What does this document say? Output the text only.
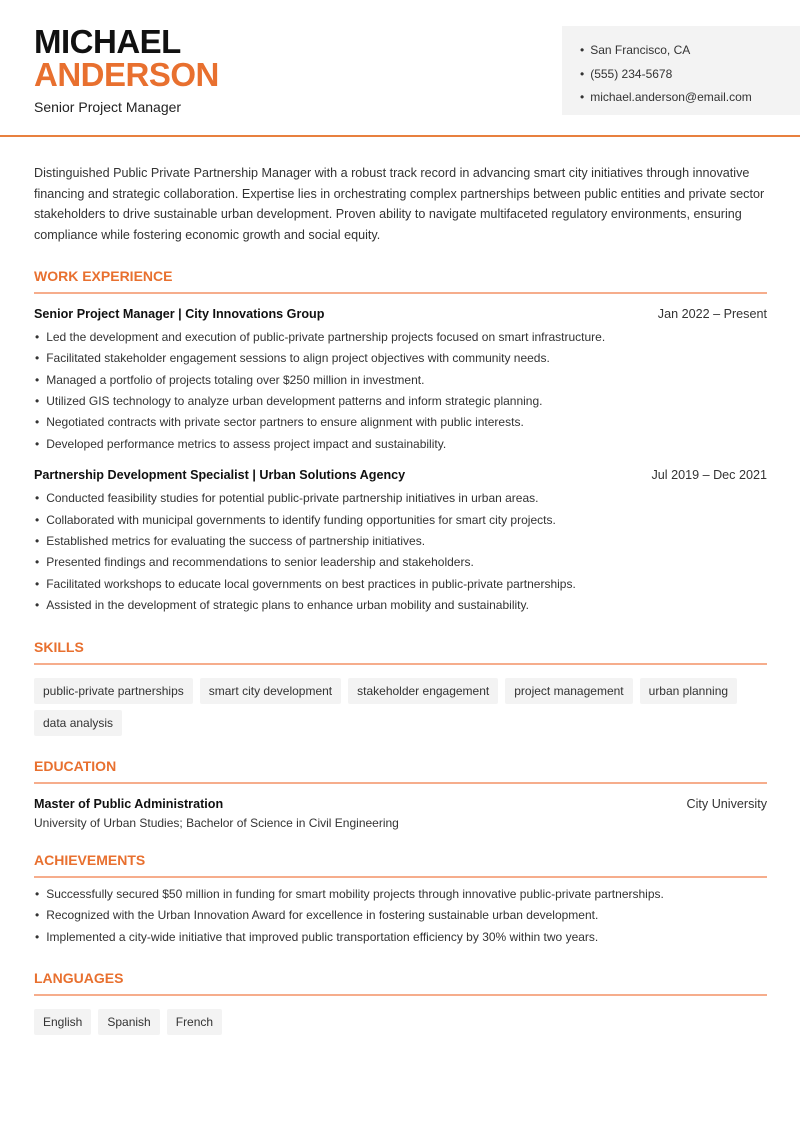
MICHAEL
ANDERSON
Senior Project Manager
• San Francisco, CA
• (555) 234-5678
• michael.anderson@email.com

Distinguished Public Private Partnership Manager with a robust track record in advancing smart city initiatives through innovative financing and strategic collaboration. Expertise lies in orchestrating complex partnerships between public entities and private sector stakeholders to drive sustainable urban development. Proven ability to navigate multifaceted regulatory environments, ensuring compliance while fostering economic growth and social equity.

WORK EXPERIENCE
Senior Project Manager | City Innovations Group	Jan 2022 – Present
• Led the development and execution of public-private partnership projects focused on smart infrastructure.
• Facilitated stakeholder engagement sessions to align project objectives with community needs.
• Managed a portfolio of projects totaling over $250 million in investment.
• Utilized GIS technology to analyze urban development patterns and inform strategic planning.
• Negotiated contracts with private sector partners to ensure alignment with public interests.
• Developed performance metrics to assess project impact and sustainability.
Partnership Development Specialist | Urban Solutions Agency	Jul 2019 – Dec 2021
• Conducted feasibility studies for potential public-private partnership initiatives in urban areas.
• Collaborated with municipal governments to identify funding opportunities for smart city projects.
• Established metrics for evaluating the success of partnership initiatives.
• Presented findings and recommendations to senior leadership and stakeholders.
• Facilitated workshops to educate local governments on best practices in public-private partnerships.
• Assisted in the development of strategic plans to enhance urban mobility and sustainability.
SKILLS
public-private partnerships	smart city development	stakeholder engagement	project management	urban planning
data analysis
EDUCATION
Master of Public Administration	City University
University of Urban Studies; Bachelor of Science in Civil Engineering
ACHIEVEMENTS
• Successfully secured $50 million in funding for smart mobility projects through innovative public-private partnerships.
• Recognized with the Urban Innovation Award for excellence in fostering sustainable urban development.
• Implemented a city-wide initiative that improved public transportation efficiency by 30% within two years.
LANGUAGES
English	Spanish	French
